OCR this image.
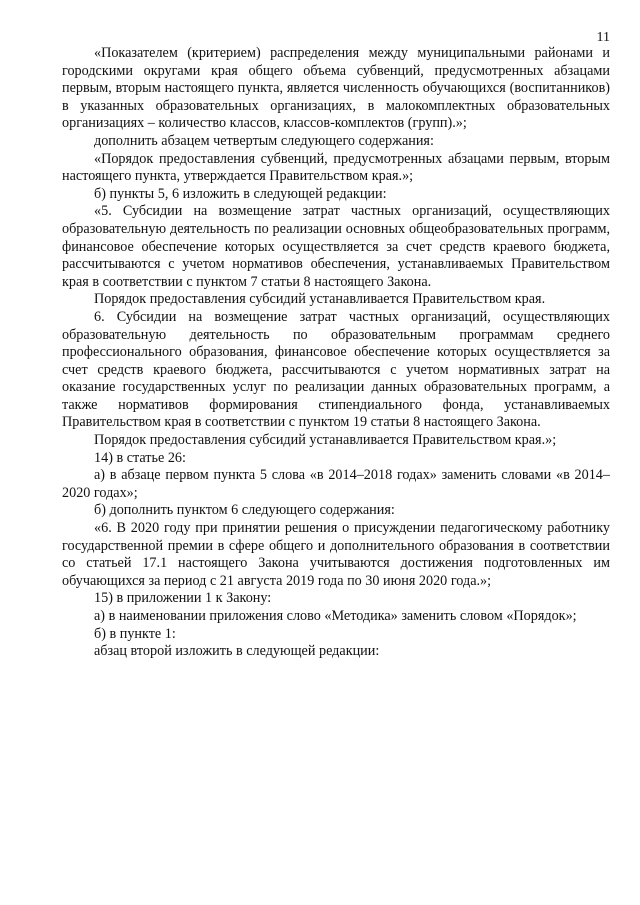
11

«Показателем (критерием) распределения между муниципальными районами и городскими округами края общего объема субвенций, предусмотренных абзацами первым, вторым настоящего пункта, является численность обучающихся (воспитанников) в указанных образовательных организациях, в малокомплектных образовательных организациях – количество классов, классов-комплектов (групп).»;

дополнить абзацем четвертым следующего содержания:

«Порядок предоставления субвенций, предусмотренных абзацами первым, вторым настоящего пункта, утверждается Правительством края.»;

б) пункты 5, 6 изложить в следующей редакции:

«5. Субсидии на возмещение затрат частных организаций, осуществляющих образовательную деятельность по реализации основных общеобразовательных программ, финансовое обеспечение которых осуществляется за счет средств краевого бюджета, рассчитываются с учетом нормативов обеспечения, устанавливаемых Правительством края в соответствии с пунктом 7 статьи 8 настоящего Закона.

Порядок предоставления субсидий устанавливается Правительством края.

6. Субсидии на возмещение затрат частных организаций, осуществляющих образовательную деятельность по образовательным программам среднего профессионального образования, финансовое обеспечение которых осуществляется за счет средств краевого бюджета, рассчитываются с учетом нормативных затрат на оказание государственных услуг по реализации данных образовательных программ, а также нормативов формирования стипендиального фонда, устанавливаемых Правительством края в соответствии с пунктом 19 статьи 8 настоящего Закона.

Порядок предоставления субсидий устанавливается Правительством края.»;

14) в статье 26:

а) в абзаце первом пункта 5 слова «в 2014–2018 годах» заменить словами «в 2014–2020 годах»;

б) дополнить пунктом 6 следующего содержания:

«6. В 2020 году при принятии решения о присуждении педагогическому работнику государственной премии в сфере общего и дополнительного образования в соответствии со статьей 17.1 настоящего Закона учитываются достижения подготовленных им обучающихся за период с 21 августа 2019 года по 30 июня 2020 года.»;

15) в приложении 1 к Закону:

а) в наименовании приложения слово «Методика» заменить словом «Порядок»;

б) в пункте 1:

абзац второй изложить в следующей редакции:
